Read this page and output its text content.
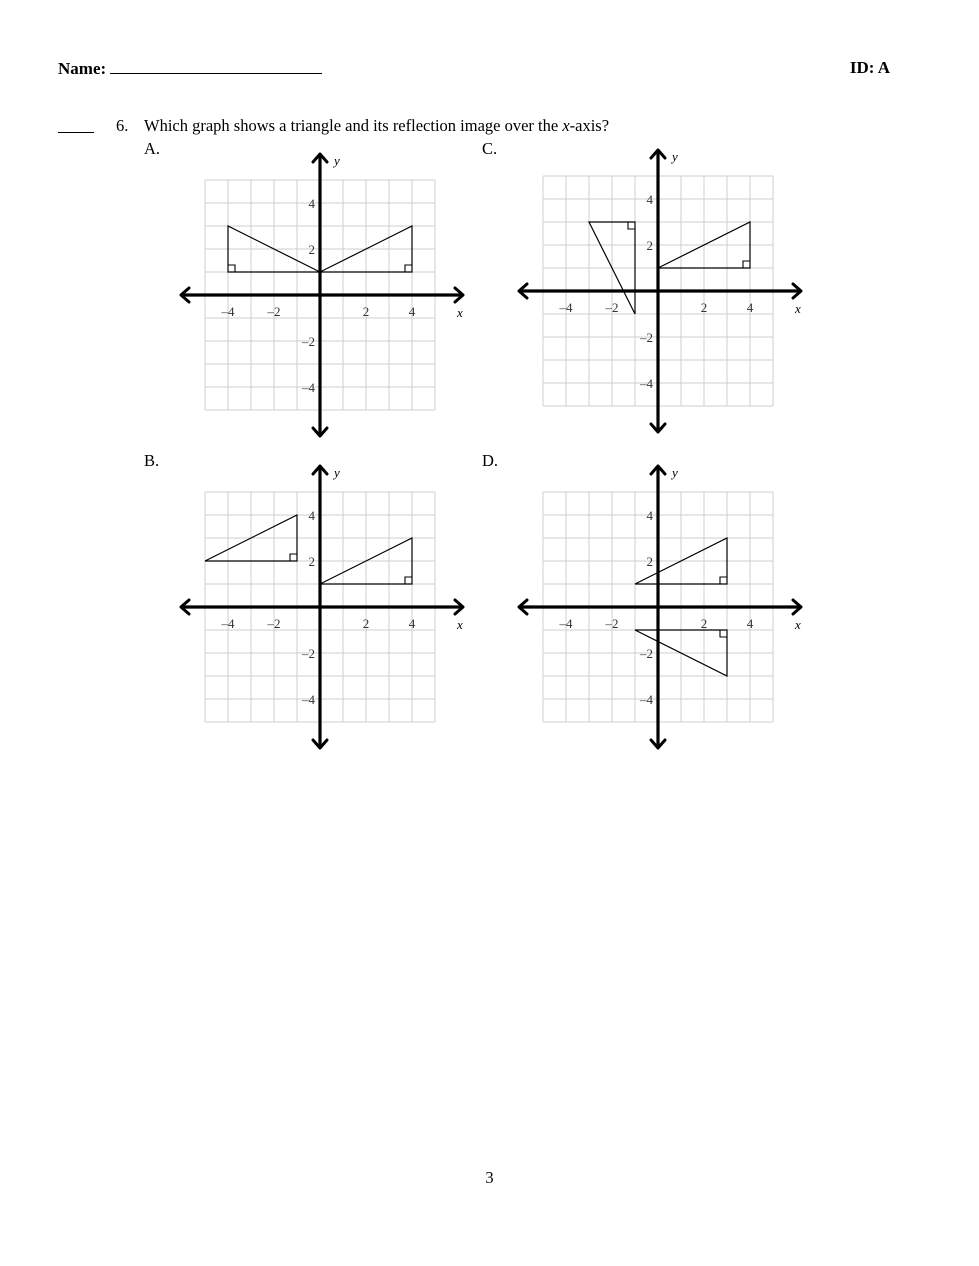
Name:	ID: A
6. Which graph shows a triangle and its reflection image over the x-axis?
A.	C.
B.	D.
x
y
–4	–2	2	4
4
2
–2
–4
x
y
–4	–2	2	4
4
2
–2
–4
x
y
–4	–2	2	4
4
2
–2
–4
x
y
–4	–2	2	4
4
2
–2
–4
3
